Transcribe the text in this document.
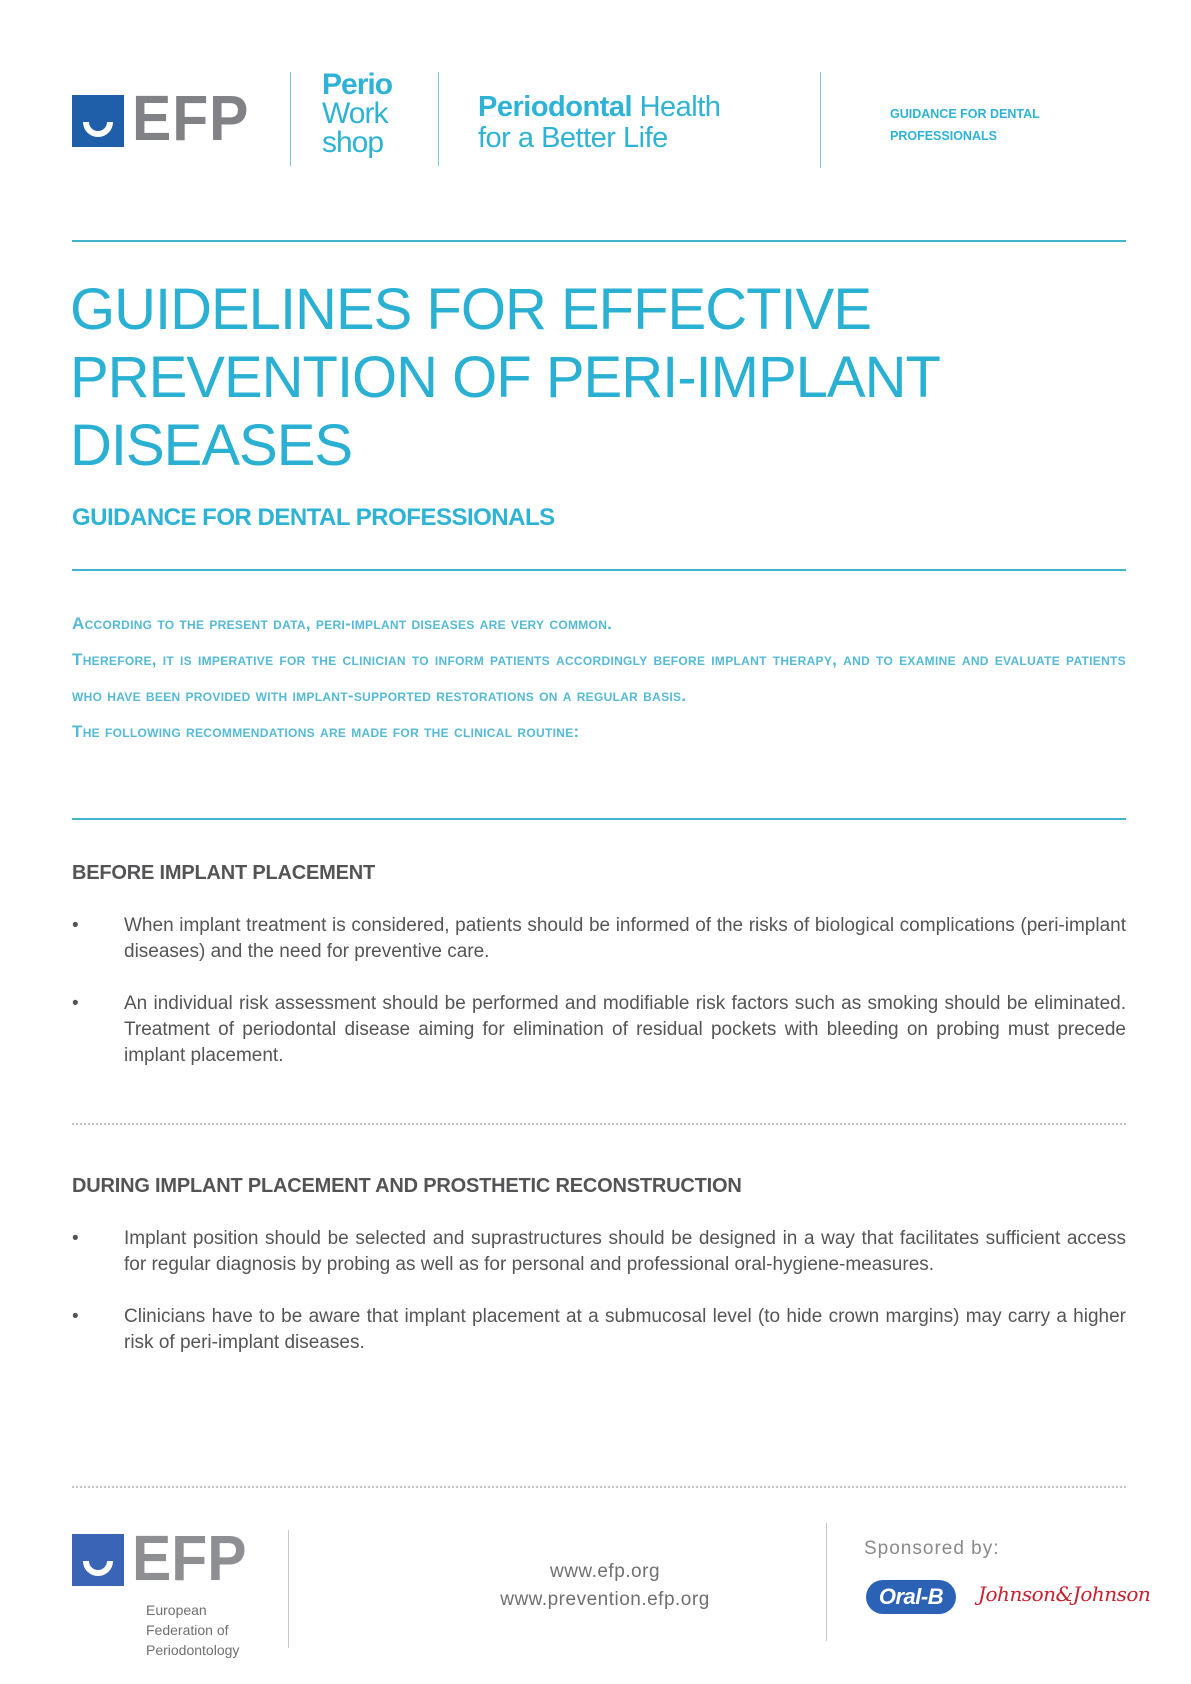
EFP Perio
Work
shop
Periodontal Health
for a Better Life
GUIDANCE FOR DENTAL
PROFESSIONALS
GUIDELINES FOR EFFECTIVE
PREVENTION OF PERI-IMPLANT
DISEASES
GUIDANCE FOR DENTAL PROFESSIONALS

According to the present data, peri-implant diseases are very common.

Therefore, it is imperative for the clinician to inform patients accordingly before implant therapy, and to examine and evaluate patients who have been provided with implant-supported restorations on a regular basis.

The following recommendations are made for the clinical routine:

BEFORE IMPLANT PLACEMENT
•	When implant treatment is considered, patients should be informed of the risks of biological complications (peri-implant diseases) and the need for preventive care.
•	An individual risk assessment should be performed and modifiable risk factors such as smoking should be eliminated. Treatment of periodontal disease aiming for elimination of residual pockets with bleeding on probing must precede implant placement.
DURING IMPLANT PLACEMENT AND PROSTHETIC RECONSTRUCTION
•	Implant position should be selected and suprastructures should be designed in a way that facilitates sufficient access for regular diagnosis by probing as well as for personal and professional oral-hygiene-measures.
•	Clinicians have to be aware that implant placement at a submucosal level (to hide crown margins) may carry a higher risk of peri-implant diseases.
EFP
European
Federation of
Periodontology
www.efp.org
www.prevention.efp.org
Sponsored by:
Oral-B	Johnson&Johnson
